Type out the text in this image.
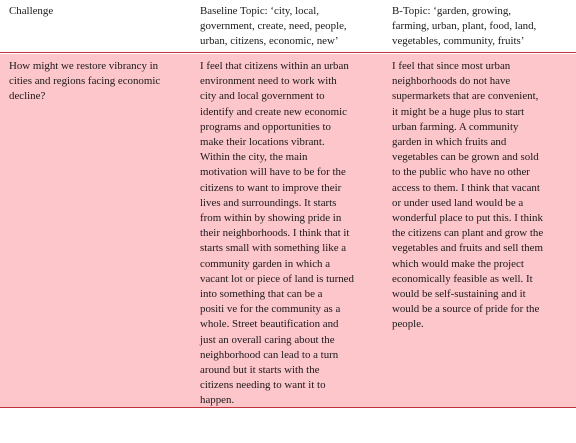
Challenge	Baseline Topic: ‘city, local,
government, create, need, people,
urban, citizens, economic, new’
B-Topic: ‘garden, growing,
farming, urban, plant, food, land,
vegetables, community, fruits’
How might we restore vibrancy in
cities and regions facing economic
decline?
I feel that citizens within an urban
environment need to work with
city and local government to
identify and create new economic
programs and opportunities to
make their locations vibrant.
Within the city, the main
motivation will have to be for the
citizens to want to improve their
lives and surroundings. It starts
from within by showing pride in
their neighborhoods. I think that it
starts small with something like a
community garden in which a
vacant lot or piece of land is turned
into something that can be a
positi ve for the community as a
whole. Street beautification and
just an overall caring about the
neighborhood can lead to a turn
around but it starts with the
citizens needing to want it to
happen.
I feel that since most urban
neighborhoods do not have
supermarkets that are convenient,
it might be a huge plus to start
urban farming. A community
garden in which fruits and
vegetables can be grown and sold
to the public who have no other
access to them. I think that vacant
or under used land would be a
wonderful place to put this. I think
the citizens can plant and grow the
vegetables and fruits and sell them
which would make the project
economically feasible as well. It
would be self-sustaining and it
would be a source of pride for the
people.
